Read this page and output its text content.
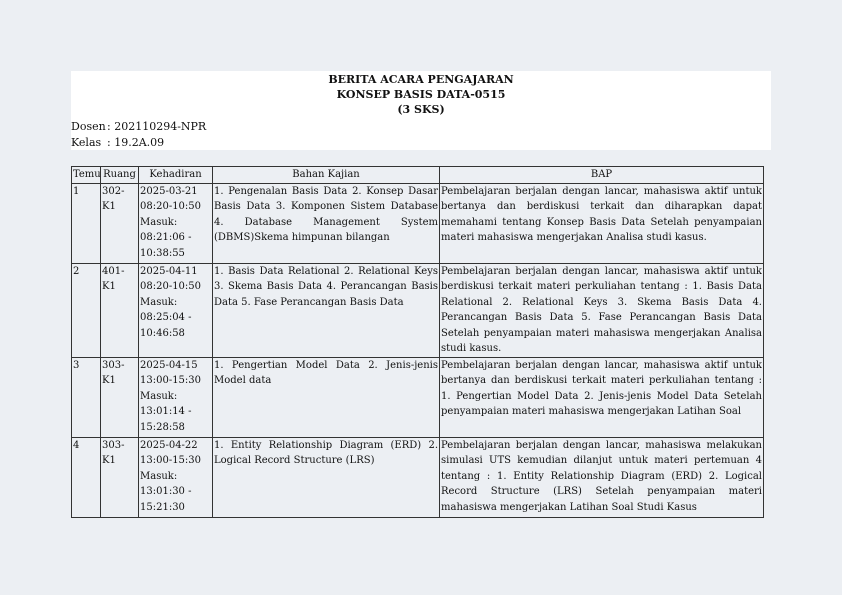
BERITA ACARA PENGAJARAN
KONSEP BASIS DATA-0515
(3 SKS)
Dosen: 202110294-NPR
Kelas : 19.2A.09
Temu	Ruang	Kehadiran	Bahan Kajian	BAP
1	302-K1	2025-03-21 08:20-10:50 Masuk: 08:21:06 - 10:38:55	1. Pengenalan Basis Data 2. Konsep Dasar Basis Data 3. Komponen Sistem Database 4. Database Management System (DBMS)Skema himpunan bilangan	Pembelajaran berjalan dengan lancar, mahasiswa aktif untuk bertanya dan berdiskusi terkait dan diharapkan dapat memahami tentang Konsep Basis Data Setelah penyampaian materi mahasiswa mengerjakan Analisa studi kasus.
2	401-K1	2025-04-11 08:20-10:50 Masuk: 08:25:04 - 10:46:58	1. Basis Data Relational 2. Relational Keys 3. Skema Basis Data 4. Perancangan Basis Data 5. Fase Perancangan Basis Data	Pembelajaran berjalan dengan lancar, mahasiswa aktif untuk berdiskusi terkait materi perkuliahan tentang : 1. Basis Data Relational 2. Relational Keys 3. Skema Basis Data 4. Perancangan Basis Data 5. Fase Perancangan Basis Data Setelah penyampaian materi mahasiswa mengerjakan Analisa studi kasus.
3	303-K1	2025-04-15 13:00-15:30 Masuk: 13:01:14 - 15:28:58	1. Pengertian Model Data 2. Jenis-jenis Model data	Pembelajaran berjalan dengan lancar, mahasiswa aktif untuk bertanya dan berdiskusi terkait materi perkuliahan tentang : 1. Pengertian Model Data 2. Jenis-jenis Model Data Setelah penyampaian materi mahasiswa mengerjakan Latihan Soal
4	303-K1	2025-04-22 13:00-15:30 Masuk: 13:01:30 - 15:21:30	1. Entity Relationship Diagram (ERD) 2. Logical Record Structure (LRS)	Pembelajaran berjalan dengan lancar, mahasiswa melakukan simulasi UTS kemudian dilanjut untuk materi pertemuan 4 tentang : 1. Entity Relationship Diagram (ERD) 2. Logical Record Structure (LRS) Setelah penyampaian materi mahasiswa mengerjakan Latihan Soal Studi Kasus
